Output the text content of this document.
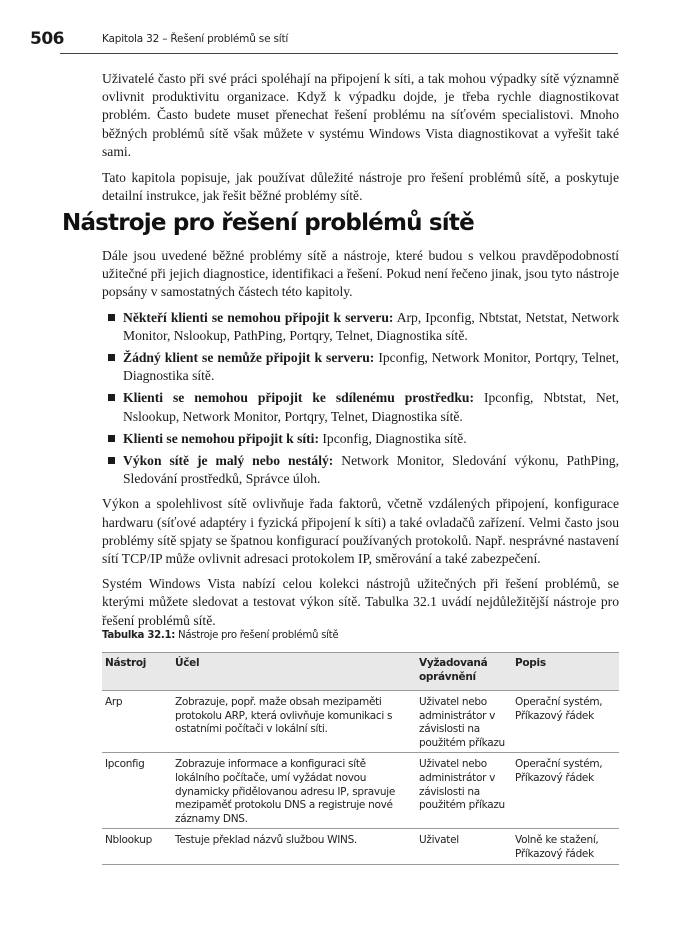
506	Kapitola 32 – Řešení problémů se sítí

Uživatelé často při své práci spoléhají na připojení k síti, a tak mohou výpadky sítě významně ovlivnit produktivitu organizace. Když k výpadku dojde, je třeba rychle diagnostikovat problém. Často budete muset přenechat řešení problému na síťovém specialistovi. Mnoho běžných problémů sítě však můžete v systému Windows Vista diagnostikovat a vyřešit také sami.

Tato kapitola popisuje, jak používat důležité nástroje pro řešení problémů sítě, a poskytuje detailní instrukce, jak řešit běžné problémy sítě.

Nástroje pro řešení problémů sítě

Dále jsou uvedené běžné problémy sítě a nástroje, které budou s velkou pravděpodobností užitečné při jejich diagnostice, identifikaci a řešení. Pokud není řečeno jinak, jsou tyto nástroje popsány v samostatných částech této kapitoly.

Někteří klienti se nemohou připojit k serveru: Arp, Ipconfig, Nbtstat, Netstat, Network Monitor, Nslookup, PathPing, Portqry, Telnet, Diagnostika sítě.
Žádný klient se nemůže připojit k serveru: Ipconfig, Network Monitor, Portqry, Telnet, Diagnostika sítě.
Klienti se nemohou připojit ke sdílenému prostředku: Ipconfig, Nbtstat, Net, Nslookup, Network Monitor, Portqry, Telnet, Diagnostika sítě.
Klienti se nemohou připojit k síti: Ipconfig, Diagnostika sítě.
Výkon sítě je malý nebo nestálý: Network Monitor, Sledování výkonu, PathPing, Sledování prostředků, Správce úloh.

Výkon a spolehlivost sítě ovlivňuje řada faktorů, včetně vzdálených připojení, konfigurace hardwaru (síťové adaptéry i fyzická připojení k síti) a také ovladačů zařízení. Velmi často jsou problémy sítě spjaty se špatnou konfigurací používaných protokolů. Např. nesprávné nastavení sítí TCP/IP může ovlivnit adresaci protokolem IP, směrování a také zabezpečení.

Systém Windows Vista nabízí celou kolekci nástrojů užitečných při řešení problémů, se kterými můžete sledovat a testovat výkon sítě. Tabulka 32.1 uvádí nejdůležitější nástroje pro řešení problémů sítě.

Tabulka 32.1: Nástroje pro řešení problémů sítě
Nástroj	Účel	Vyžadovaná oprávnění	Popis
Arp	Zobrazuje, popř. maže obsah mezipaměti protokolu ARP, která ovlivňuje komunikaci s ostatními počítači v lokální síti.	Uživatel nebo administrátor v závislosti na použitém příkazu	Operační systém, Příkazový řádek
Ipconfig	Zobrazuje informace a konfiguraci sítě lokálního počítače, umí vyžádat novou dynamicky přidělovanou adresu IP, spravuje mezipaměť protokolu DNS a registruje nové záznamy DNS.	Uživatel nebo administrátor v závislosti na použitém příkazu	Operační systém, Příkazový řádek
Nblookup	Testuje překlad názvů službou WINS.	Uživatel	Volně ke stažení, Příkazový řádek
